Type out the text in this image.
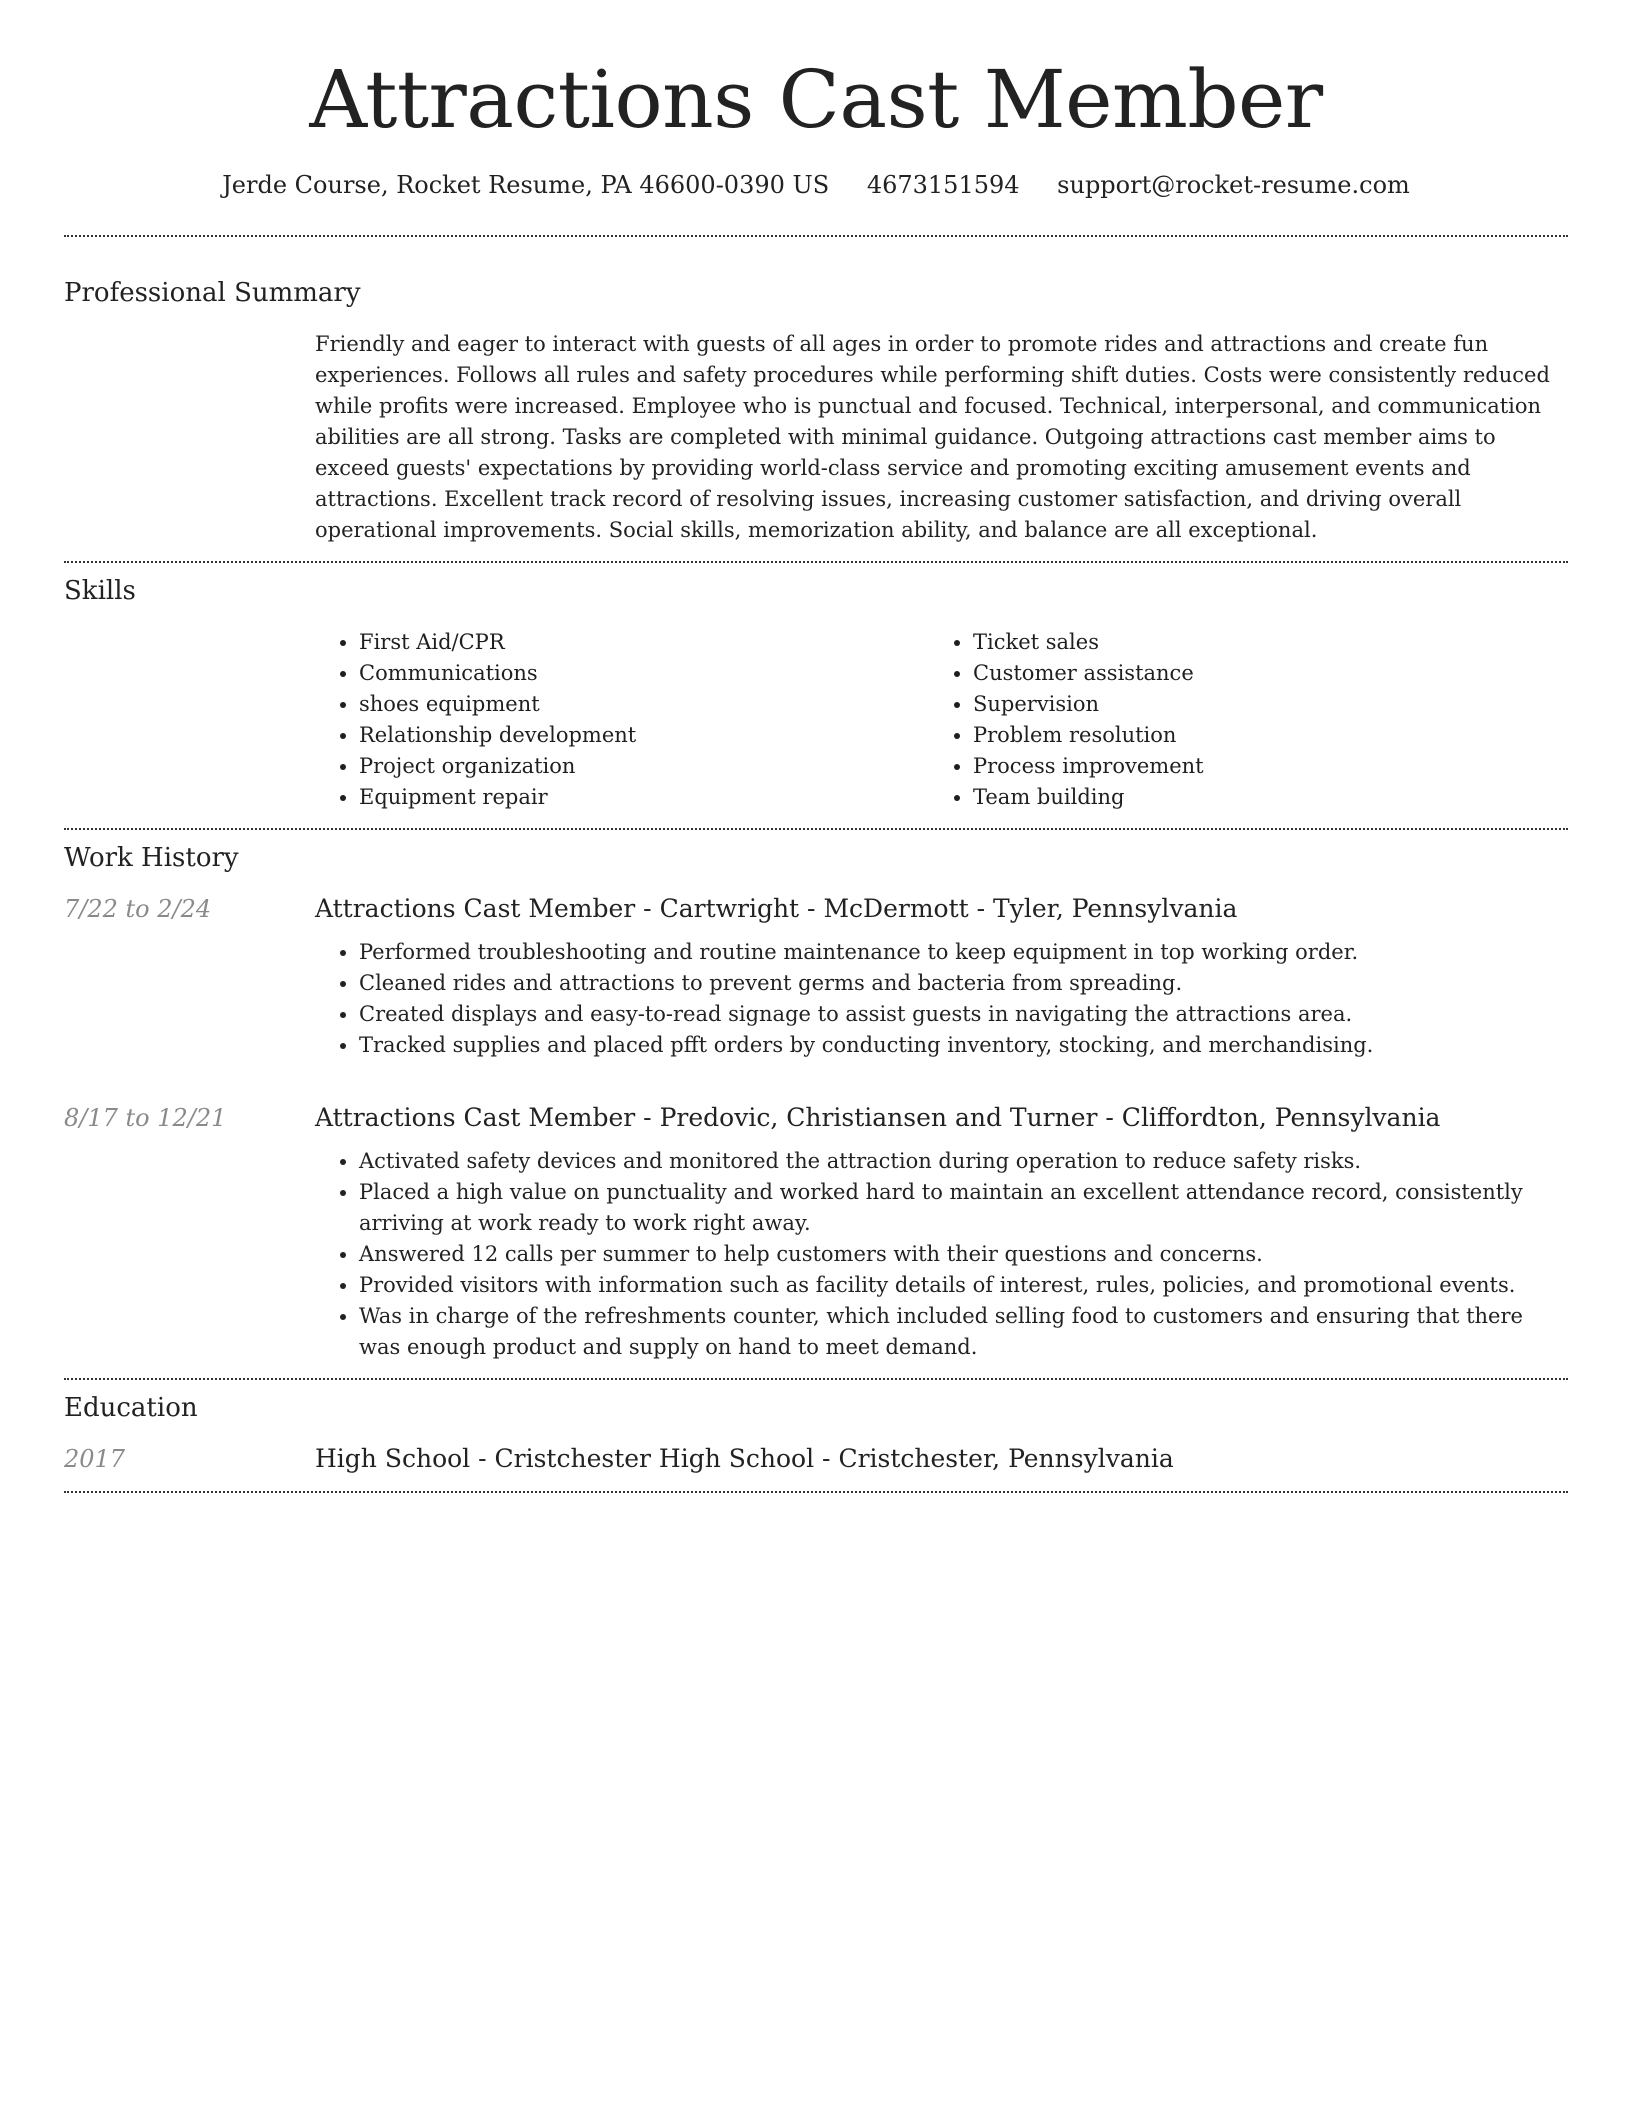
Attractions Cast Member
Jerde Course, Rocket Resume, PA 46600-0390 US 4673151594 support@rocket-resume.com
Professional Summary
Friendly and eager to interact with guests of all ages in order to promote rides and attractions and create fun experiences. Follows all rules and safety procedures while performing shift duties. Costs were consistently reduced while profits were increased. Employee who is punctual and focused. Technical, interpersonal, and communication abilities are all strong. Tasks are completed with minimal guidance. Outgoing attractions cast member aims to exceed guests' expectations by providing world-class service and promoting exciting amusement events and attractions. Excellent track record of resolving issues, increasing customer satisfaction, and driving overall operational improvements. Social skills, memorization ability, and balance are all exceptional.
Skills
• First Aid/CPR
• Communications
• shoes equipment
• Relationship development
• Project organization
• Equipment repair
• Ticket sales
• Customer assistance
• Supervision
• Problem resolution
• Process improvement
• Team building
Work History
7/22 to 2/24	Attractions Cast Member - Cartwright - McDermott - Tyler, Pennsylvania
• Performed troubleshooting and routine maintenance to keep equipment in top working order.
• Cleaned rides and attractions to prevent germs and bacteria from spreading.
• Created displays and easy-to-read signage to assist guests in navigating the attractions area.
• Tracked supplies and placed pfft orders by conducting inventory, stocking, and merchandising.
8/17 to 12/21	Attractions Cast Member - Predovic, Christiansen and Turner - Cliffordton, Pennsylvania
• Activated safety devices and monitored the attraction during operation to reduce safety risks.
• Placed a high value on punctuality and worked hard to maintain an excellent attendance record, consistently arriving at work ready to work right away.
• Answered 12 calls per summer to help customers with their questions and concerns.
• Provided visitors with information such as facility details of interest, rules, policies, and promotional events.
• Was in charge of the refreshments counter, which included selling food to customers and ensuring that there was enough product and supply on hand to meet demand.
Education
2017	High School - Cristchester High School - Cristchester, Pennsylvania
